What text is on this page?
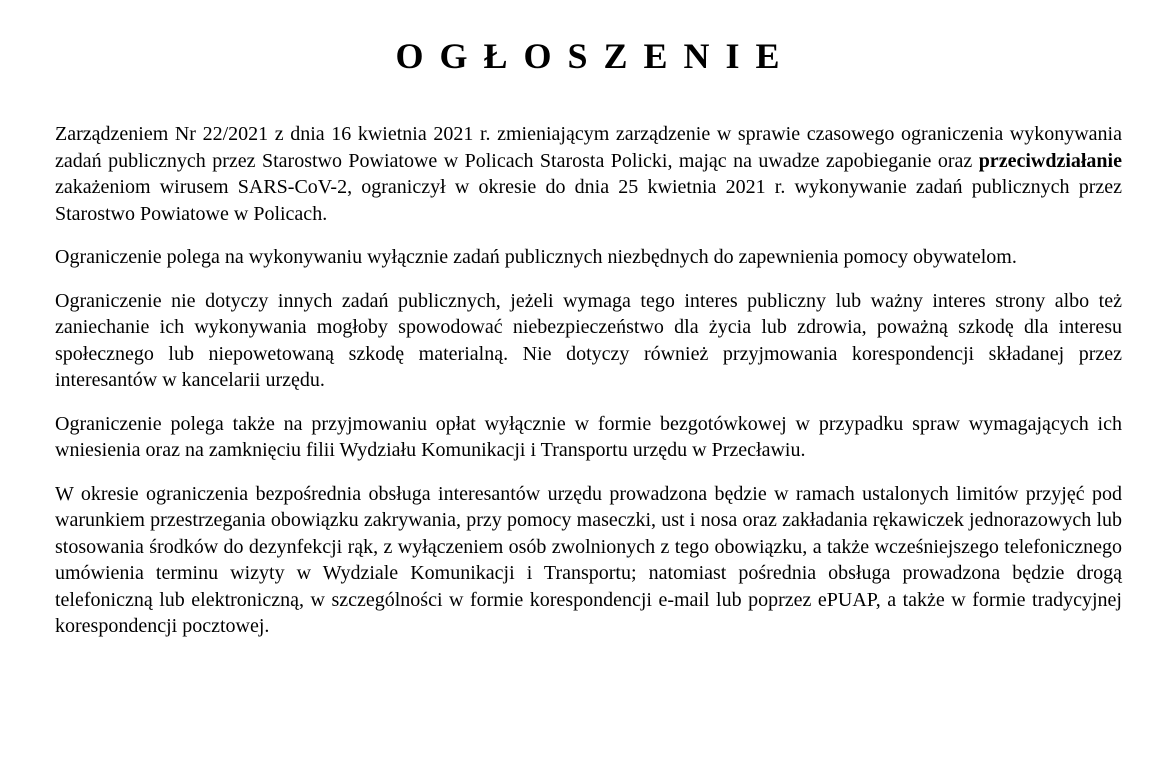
OGŁOSZENIE

Zarządzeniem Nr 22/2021 z dnia 16 kwietnia 2021 r. zmieniającym zarządzenie w sprawie czasowego ograniczenia wykonywania zadań publicznych przez Starostwo Powiatowe w Policach Starosta Policki, mając na uwadze zapobieganie oraz przeciwdziałanie zakażeniom wirusem SARS-CoV-2, ograniczył w okresie do dnia 25 kwietnia 2021 r. wykonywanie zadań publicznych przez Starostwo Powiatowe w Policach.

Ograniczenie polega na wykonywaniu wyłącznie zadań publicznych niezbędnych do zapewnienia pomocy obywatelom.

Ograniczenie nie dotyczy innych zadań publicznych, jeżeli wymaga tego interes publiczny lub ważny interes strony albo też zaniechanie ich wykonywania mogłoby spowodować niebezpieczeństwo dla życia lub zdrowia, poważną szkodę dla interesu społecznego lub niepowetowaną szkodę materialną. Nie dotyczy również przyjmowania korespondencji składanej przez interesantów w kancelarii urzędu.

Ograniczenie polega także na przyjmowaniu opłat wyłącznie w formie bezgotówkowej w przypadku spraw wymagających ich wniesienia oraz na zamknięciu filii Wydziału Komunikacji i Transportu urzędu w Przecławiu.

W okresie ograniczenia bezpośrednia obsługa interesantów urzędu prowadzona będzie w ramach ustalonych limitów przyjęć pod warunkiem przestrzegania obowiązku zakrywania, przy pomocy maseczki, ust i nosa oraz zakładania rękawiczek jednorazowych lub stosowania środków do dezynfekcji rąk, z wyłączeniem osób zwolnionych z tego obowiązku, a także wcześniejszego telefonicznego umówienia terminu wizyty w Wydziale Komunikacji i Transportu; natomiast pośrednia obsługa prowadzona będzie drogą telefoniczną lub elektroniczną, w szczególności w formie korespondencji e-mail lub poprzez ePUAP, a także w formie tradycyjnej korespondencji pocztowej.
